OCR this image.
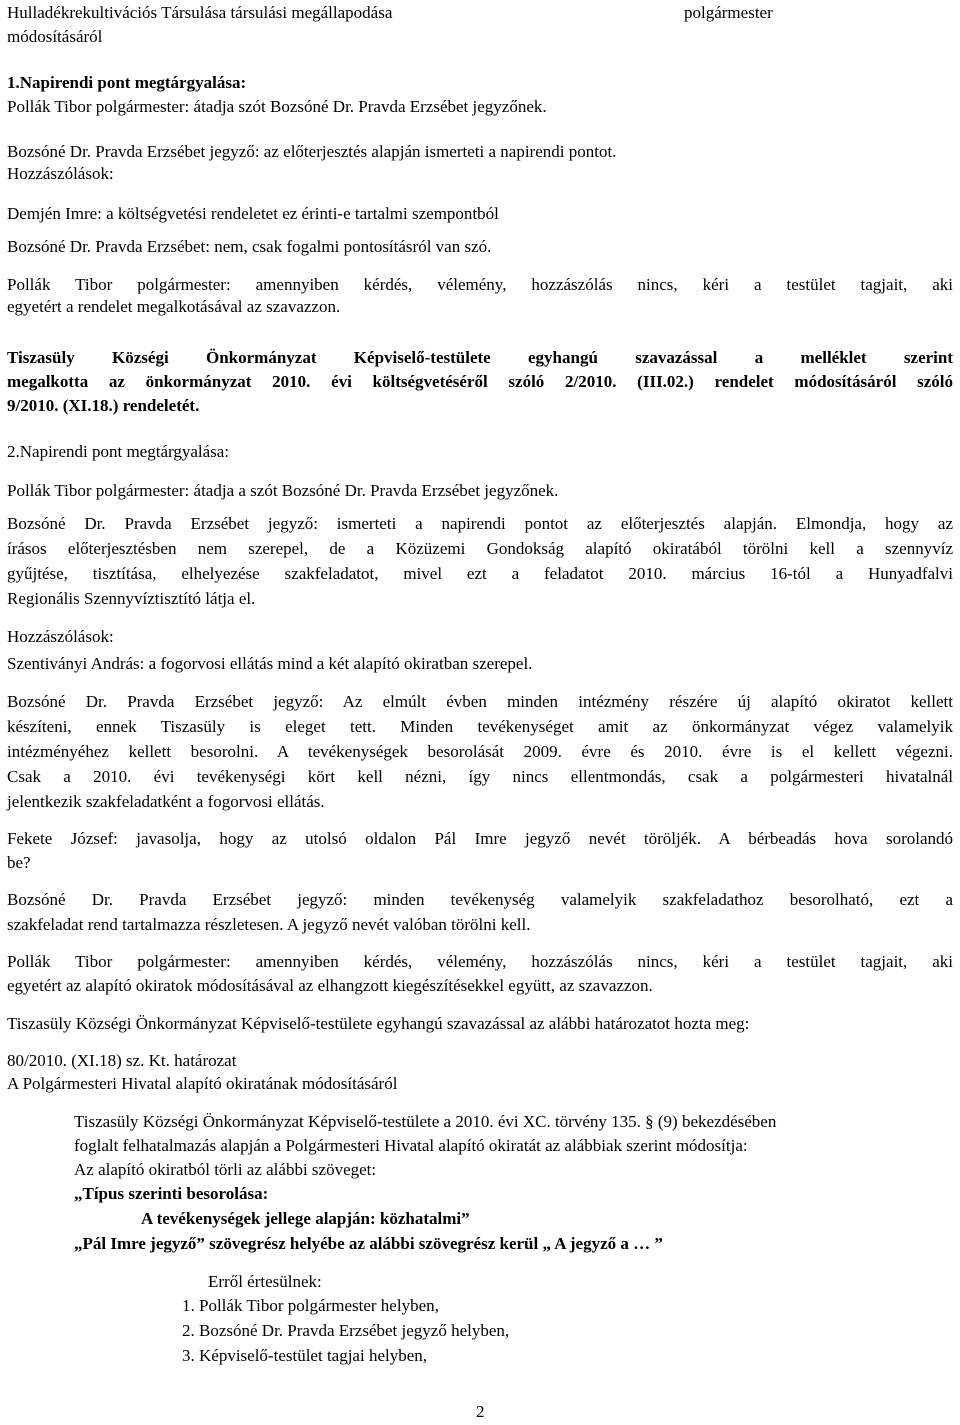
Hulladékrekultivációs Társulása társulási megállapodása
módosításáról
polgármester
1.Napirendi pont megtárgyalása:
Pollák Tibor polgármester: átadja szót Bozsóné Dr. Pravda Erzsébet jegyzőnek.
Bozsóné Dr. Pravda Erzsébet jegyző: az előterjesztés alapján ismerteti a napirendi pontot.
Hozzászólások:
Demjén Imre: a költségvetési rendeletet ez érinti-e tartalmi szempontból
Bozsóné Dr. Pravda Erzsébet: nem, csak fogalmi pontosításról van szó.
Pollák Tibor polgármester: amennyiben kérdés, vélemény, hozzászólás nincs, kéri a testület tagjait, aki
egyetért a rendelet megalkotásával az szavazzon.
Tiszasüly Községi Önkormányzat Képviselő-testülete egyhangú szavazással a melléklet szerint
megalkotta az önkormányzat 2010. évi költségvetéséről szóló 2/2010. (III.02.) rendelet módosításáról szóló
9/2010. (XI.18.) rendeletét.
2.Napirendi pont megtárgyalása:
Pollák Tibor polgármester: átadja a szót Bozsóné Dr. Pravda Erzsébet jegyzőnek.
Bozsóné Dr. Pravda Erzsébet jegyző: ismerteti a napirendi pontot az előterjesztés alapján. Elmondja, hogy az
írásos előterjesztésben nem szerepel, de a Közüzemi Gondokság alapító okiratából törölni kell a szennyvíz
gyűjtése, tisztítása, elhelyezése szakfeladatot, mivel ezt a feladatot 2010. március 16-tól a Hunyadfalvi
Regionális Szennyvíztisztító látja el.
Hozzászólások:
Szentiványi András: a fogorvosi ellátás mind a két alapító okiratban szerepel.
Bozsóné Dr. Pravda Erzsébet jegyző: Az elmúlt évben minden intézmény részére új alapító okiratot kellett
készíteni, ennek Tiszasüly is eleget tett. Minden tevékenységet amit az önkormányzat végez valamelyik
intézményéhez kellett besorolni. A tevékenységek besorolását 2009. évre és 2010. évre is el kellett végezni.
Csak a 2010. évi tevékenységi kört kell nézni, így nincs ellentmondás, csak a polgármesteri hivatalnál
jelentkezik szakfeladatként a fogorvosi ellátás.
Fekete József: javasolja, hogy az utolsó oldalon Pál Imre jegyző nevét töröljék. A bérbeadás hova sorolandó
be?
Bozsóné Dr. Pravda Erzsébet jegyző: minden tevékenység valamelyik szakfeladathoz besorolható, ezt a
szakfeladat rend tartalmazza részletesen. A jegyző nevét valóban törölni kell.
Pollák Tibor polgármester: amennyiben kérdés, vélemény, hozzászólás nincs, kéri a testület tagjait, aki
egyetért az alapító okiratok módosításával az elhangzott kiegészítésekkel együtt, az szavazzon.
Tiszasüly Községi Önkormányzat Képviselő-testülete egyhangú szavazással az alábbi határozatot hozta meg:
80/2010. (XI.18) sz. Kt. határozat
A Polgármesteri Hivatal alapító okiratának módosításáról
Tiszasüly Községi Önkormányzat Képviselő-testülete a 2010. évi XC. törvény 135. § (9) bekezdésében
foglalt felhatalmazás alapján a Polgármesteri Hivatal alapító okiratát az alábbiak szerint módosítja:
Az alapító okiratból törli az alábbi szöveget:
„Típus szerinti besorolása:
A tevékenységek jellege alapján: közhatalmi”
„Pál Imre jegyző” szövegrész helyébe az alábbi szövegrész kerül „ A jegyző a … ”
Erről értesülnek:
1. Pollák Tibor polgármester helyben,
2. Bozsóné Dr. Pravda Erzsébet jegyző helyben,
3. Képviselő-testület tagjai helyben,
2
